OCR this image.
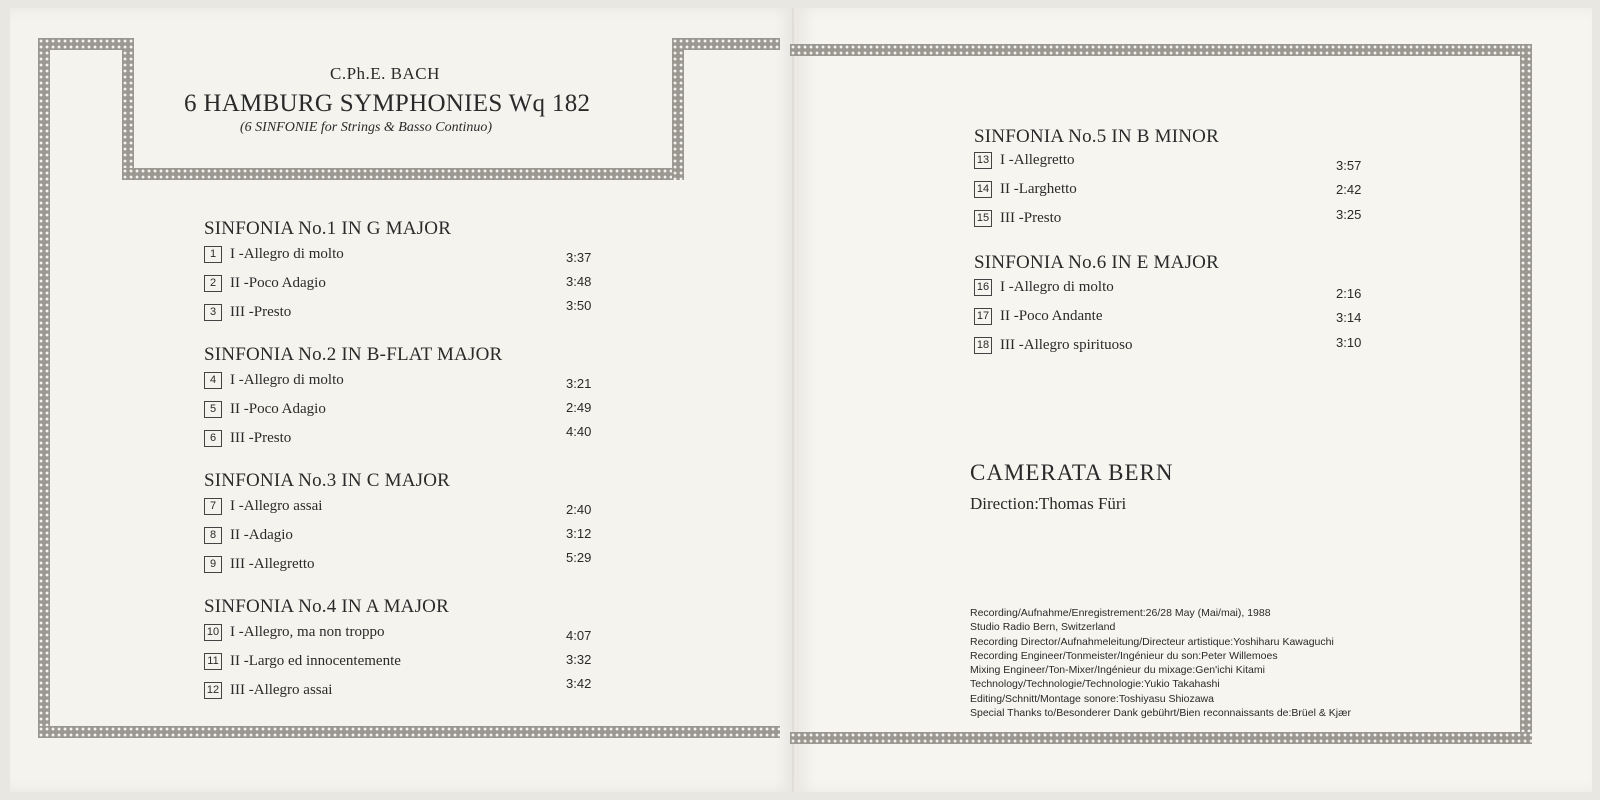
C.Ph.E. BACH
6 HAMBURG SYMPHONIES Wq 182
(6 SINFONIE for Strings & Basso Continuo)
SINFONIA No.1 IN G MAJOR
1 I -Allegro di molto	3:37
2 II -Poco Adagio	3:48
3 III -Presto	3:50
SINFONIA No.2 IN B-FLAT MAJOR
4 I -Allegro di molto	3:21
5 II -Poco Adagio	2:49
6 III -Presto	4:40
SINFONIA No.3 IN C MAJOR
7 I -Allegro assai	2:40
8 II -Adagio	3:12
9 III -Allegretto	5:29
SINFONIA No.4 IN A MAJOR
10 I -Allegro, ma non troppo	4:07
11 II -Largo ed innocentemente	3:32
12 III -Allegro assai	3:42
SINFONIA No.5 IN B MINOR
13 I -Allegretto	3:57
14 II -Larghetto	2:42
15 III -Presto	3:25
SINFONIA No.6 IN E MAJOR
16 I -Allegro di molto	2:16
17 II -Poco Andante	3:14
18 III -Allegro spirituoso	3:10
CAMERATA BERN
Direction:Thomas Füri
Recording/Aufnahme/Enregistrement:26/28 May (Mai/mai), 1988
Studio Radio Bern, Switzerland
Recording Director/Aufnahmeleitung/Directeur artistique:Yoshiharu Kawaguchi
Recording Engineer/Tonmeister/Ingénieur du son:Peter Willemoes
Mixing Engineer/Ton-Mixer/Ingénieur du mixage:Gen'ichi Kitami
Technology/Technologie/Technologie:Yukio Takahashi
Editing/Schnitt/Montage sonore:Toshiyasu Shiozawa
Special Thanks to/Besonderer Dank gebührt/Bien reconnaissants de:Brüel & Kjær
